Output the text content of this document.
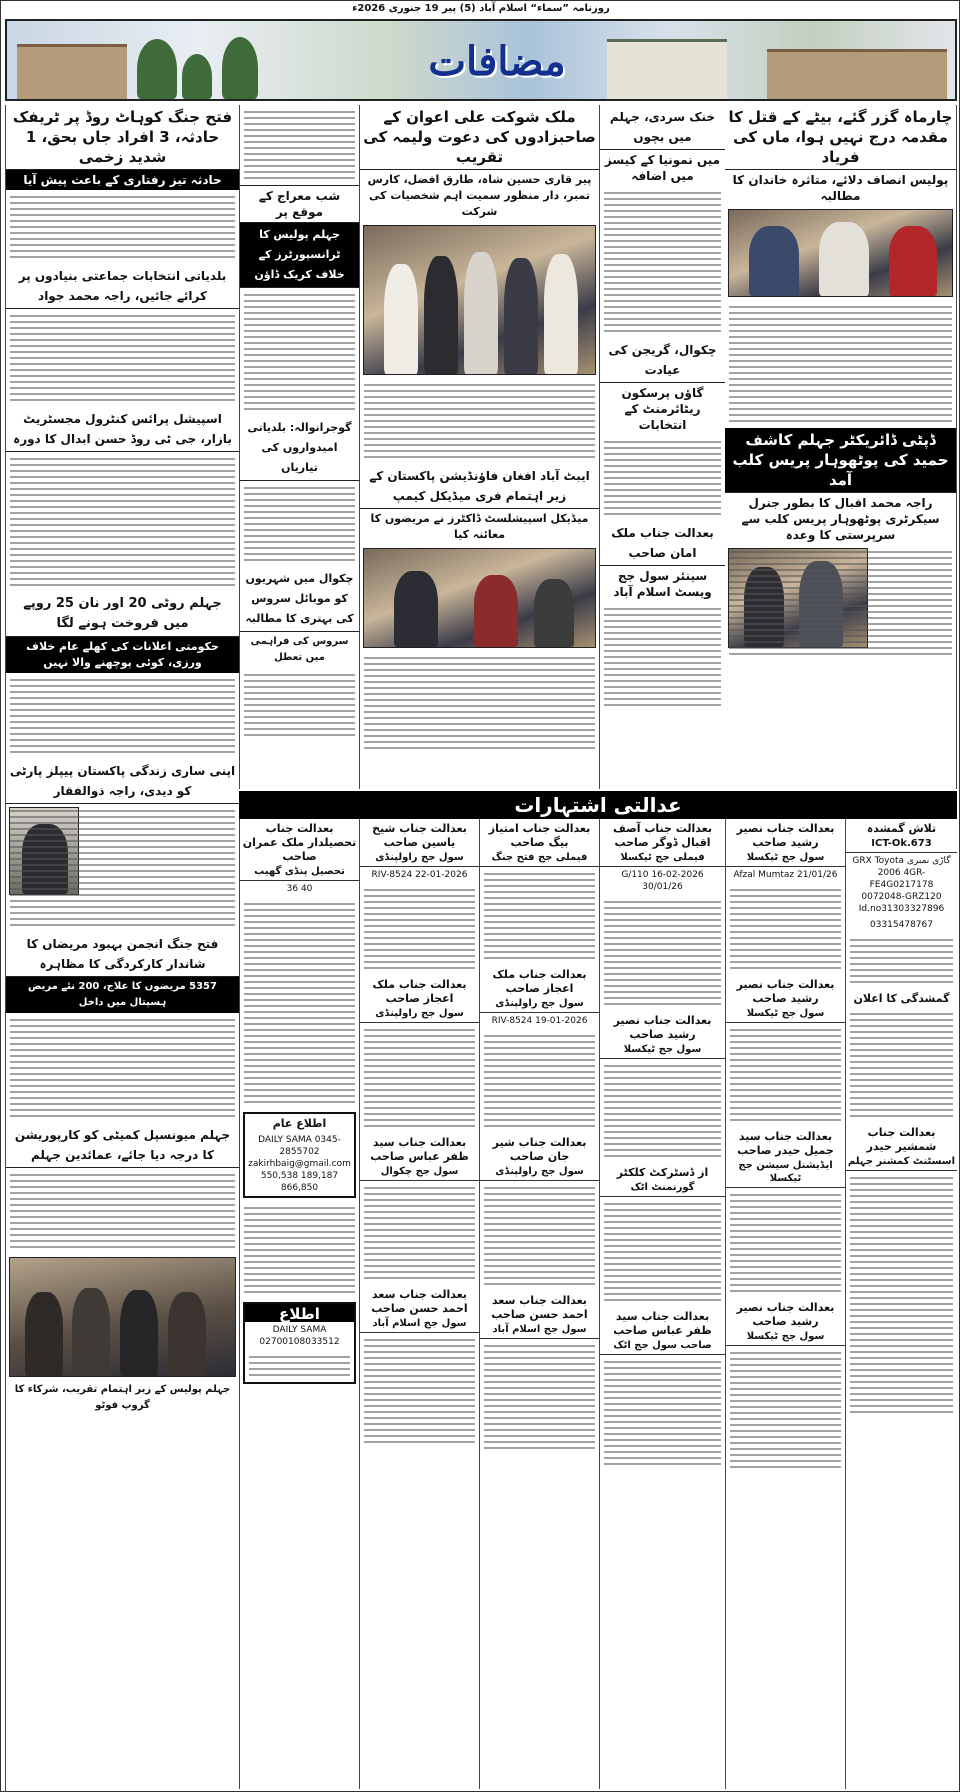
روزنامہ ”سماء“ اسلام آباد (5) پیر 19 جنوری 2026ء
مضافات
چارماہ گزر گئے، بیٹے کے قتل کا مقدمہ درج نہیں ہوا، ماں کی فریاد
پولیس انصاف دلائے، متاثرہ خاندان کا مطالبہ
ڈپٹی ڈائریکٹر جہلم کاشف حمید کی پوٹھوہار پریس کلب آمد
راجہ محمد اقبال کا بطور جنرل سیکرٹری پوٹھوہار پریس کلب سے سرپرستی کا وعدہ
خنک سردی، جہلم میں بچوں
میں نمونیا کے کیسز میں اضافہ
چکوال، گریجن کی عیادت
گاؤں پرسکون ریٹائرمنٹ کے انتخابات
بعدالت جناب ملک امان صاحب
سینئر سول جج ویسٹ اسلام آباد
ملک شوکت علی اعوان کے صاحبزادوں کی دعوت ولیمہ کی تقریب
پیر قاری حسین شاہ، طارق افضل، کارس تمبر، دار منظور سمیت اہم شخصیات کی شرکت
ایبٹ آباد افغان فاؤنڈیشن پاکستان کے زیر اہتمام فری میڈیکل کیمپ
میڈیکل اسپیشلسٹ ڈاکٹرز نے مریضوں کا معائنہ کیا
شب معراج کے موقع پر
جہلم پولیس کا ٹرانسپورٹرز کے خلاف کریک ڈاؤن
گوجرانوالہ: بلدیاتی امیدواروں کی تیاریاں
چکوال میں شہریوں کو موبائل سروس کی بہتری کا مطالبہ
سروس کی فراہمی میں تعطل
فتح جنگ کوہاٹ روڈ پر ٹریفک حادثہ، 3 افراد جاں بحق، 1 شدید زخمی
حادثہ تیز رفتاری کے باعث پیش آیا
بلدیاتی انتخابات جماعتی بنیادوں پر کرائے جائیں، راجہ محمد جواد
اسپیشل پرائس کنٹرول مجسٹریٹ بازار، جی ٹی روڈ حسن ابدال کا دورہ
جہلم روٹی 20 اور نان 25 روپے میں فروخت ہونے لگا
حکومتی اعلانات کی کھلے عام خلاف ورزی، کوئی پوچھنے والا نہیں
اپنی ساری زندگی پاکستان پیپلز پارٹی کو دیدی، راجہ ذوالفقار
فتح جنگ انجمن بہبود مریضاں کا شاندار کارکردگی کا مظاہرہ
5357 مریضوں کا علاج، 200 نئے مریض ہسپتال میں داخل
جہلم میونسپل کمیٹی کو کارپوریشن کا درجہ دیا جائے، عمائدین جہلم
جہلم پولیس کے زیر اہتمام تقریب، شرکاء کا گروپ فوٹو
عدالتی اشتہارات
تلاش گمشدہ
ICT-Ok.673
گاڑی نمبری GRX Toyota 2006 4GR-FE4G0217178 0072048-GRZ120 Id.no31303327896
03315478767
گمشدگی کا اعلان
بعدالت جناب شمشیر حیدر
اسسٹنٹ کمشنر جہلم
بعدالت جناب نصیر رشید صاحب
سول جج ٹیکسلا
Afzal Mumtaz 21/01/26
بعدالت جناب نصیر رشید صاحب
سول جج ٹیکسلا
بعدالت جناب سید جمیل حیدر صاحب
ایڈیشنل سیشن جج ٹیکسلا
بعدالت جناب نصیر رشید صاحب
سول جج ٹیکسلا
بعدالت جناب آصف اقبال ڈوگر صاحب
فیملی جج ٹیکسلا
G/110 16-02-2026 30/01/26
بعدالت جناب نصیر رشید صاحب
سول جج ٹیکسلا
از ڈسٹرکٹ کلکٹر
گورنمنٹ اٹک
بعدالت جناب سید ظفر عباس صاحب
صاحب سول جج اٹک
بعدالت جناب امتیاز بیگ صاحب
فیملی جج فتح جنگ
بعدالت جناب ملک اعجاز صاحب
سول جج راولپنڈی
RIV-8524 19-01-2026
بعدالت جناب شیر جان صاحب
سول جج راولپنڈی
بعدالت جناب سعد احمد حسن صاحب
سول جج اسلام آباد
بعدالت جناب شیخ یاسین صاحب
سول جج راولپنڈی
22-01-2026 RIV-8524
بعدالت جناب ملک اعجاز صاحب
سول جج راولپنڈی
بعدالت جناب سید ظفر عباس صاحب
سول جج چکوال
بعدالت جناب سعد احمد حسن صاحب
سول جج اسلام آباد
بعدالت جناب تحصیلدار ملک عمران صاحب
تحصیل پنڈی گھیب
40 36
اطلاع عام
DAILY SAMA 0345-2855702 zakirhbaig@gmail.com 550,538 189,187 866,850
اطلاع
DAILY SAMA 02700108033512
